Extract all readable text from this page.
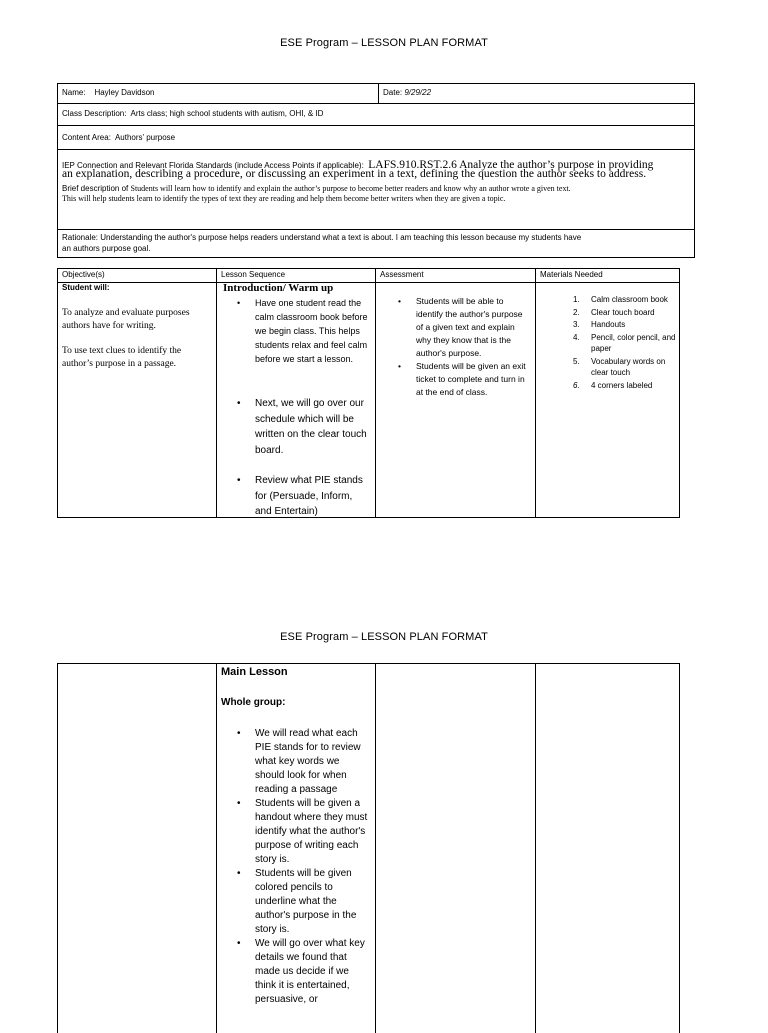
ESE Program – LESSON PLAN FORMAT
Name: Hayley Davidson	Date: 9/29/22
Class Description: Arts class; high school students with autism, OHI, & ID
Content Area: Authors’ purpose
IEP Connection and Relevant Florida Standards (include Access Points if applicable): LAFS.910.RST.2.6 Analyze the author’s purpose in providing
an explanation, describing a procedure, or discussing an experiment in a text, defining the question the author seeks to address.
Brief description of Students will learn how to identify and explain the author’s purpose to become better readers and know why an author wrote a given text.
This will help students learn to identify the types of text they are reading and help them become better writers when they are given a topic.
Rationale: Understanding the author's purpose helps readers understand what a text is about. I am teaching this lesson because my students have
an authors purpose goal.
Objective(s)
Student will:
To analyze and evaluate purposes authors have for writing.
To use text clues to identify the author’s purpose in a passage.
Lesson Sequence
Introduction/ Warm up
• Have one student read the calm classroom book before we begin class. This helps students relax and feel calm before we start a lesson.
• Next, we will go over our schedule which will be written on the clear touch board.
• Review what PIE stands for (Persuade, Inform, and Entertain)
Assessment
• Students will be able to identify the author's purpose of a given text and explain why they know that is the author's purpose.
• Students will be given an exit ticket to complete and turn in at the end of class.
Materials Needed
1. Calm classroom book
2. Clear touch board
3. Handouts
4. Pencil, color pencil, and paper
5. Vocabulary words on clear touch
6. 4 corners labeled
ESE Program – LESSON PLAN FORMAT
Main Lesson
Whole group:
• We will read what each PIE stands for to review what key words we should look for when reading a passage
• Students will be given a handout where they must identify what the author's purpose of writing each story is.
• Students will be given colored pencils to underline what the author's purpose in the story is.
• We will go over what key details we found that made us decide if we think it is entertained, persuasive, or
